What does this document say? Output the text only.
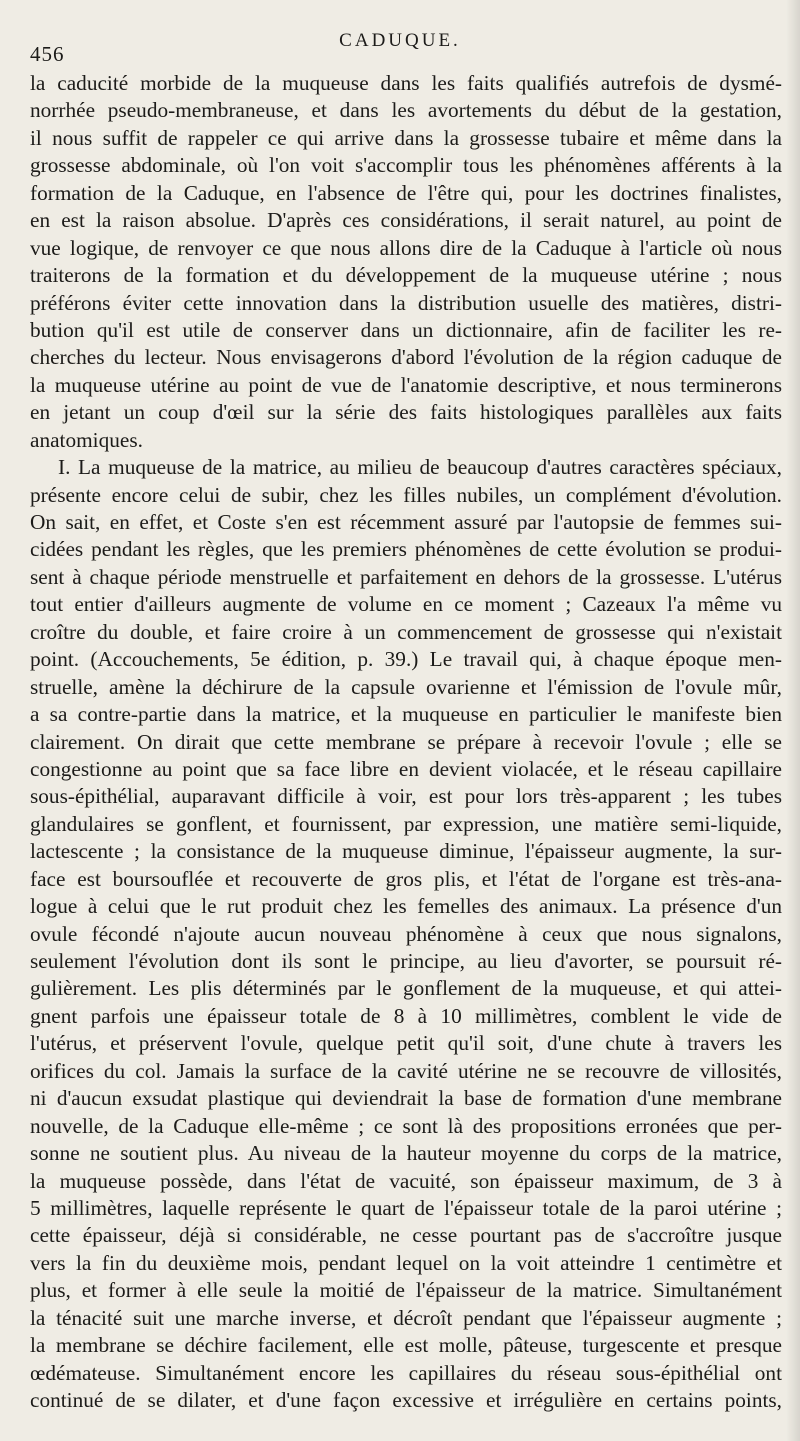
456
CADUQUE.
la caducité morbide de la muqueuse dans les faits qualifiés autrefois de dysmé-
norrhée pseudo-membraneuse, et dans les avortements du début de la gestation,
il nous suffit de rappeler ce qui arrive dans la grossesse tubaire et même dans la
grossesse abdominale, où l'on voit s'accomplir tous les phénomènes afférents à la
formation de la Caduque, en l'absence de l'être qui, pour les doctrines finalistes,
en est la raison absolue. D'après ces considérations, il serait naturel, au point de
vue logique, de renvoyer ce que nous allons dire de la Caduque à l'article où nous
traiterons de la formation et du développement de la muqueuse utérine ; nous
préférons éviter cette innovation dans la distribution usuelle des matières, distri-
bution qu'il est utile de conserver dans un dictionnaire, afin de faciliter les re-
cherches du lecteur. Nous envisagerons d'abord l'évolution de la région caduque de
la muqueuse utérine au point de vue de l'anatomie descriptive, et nous terminerons
en jetant un coup d'œil sur la série des faits histologiques parallèles aux faits
anatomiques.
I. La muqueuse de la matrice, au milieu de beaucoup d'autres caractères spéciaux,
présente encore celui de subir, chez les filles nubiles, un complément d'évolution.
On sait, en effet, et Coste s'en est récemment assuré par l'autopsie de femmes sui-
cidées pendant les règles, que les premiers phénomènes de cette évolution se produi-
sent à chaque période menstruelle et parfaitement en dehors de la grossesse. L'utérus
tout entier d'ailleurs augmente de volume en ce moment ; Cazeaux l'a même vu
croître du double, et faire croire à un commencement de grossesse qui n'existait
point. (Accouchements, 5e édition, p. 39.) Le travail qui, à chaque époque men-
struelle, amène la déchirure de la capsule ovarienne et l'émission de l'ovule mûr,
a sa contre-partie dans la matrice, et la muqueuse en particulier le manifeste bien
clairement. On dirait que cette membrane se prépare à recevoir l'ovule ; elle se
congestionne au point que sa face libre en devient violacée, et le réseau capillaire
sous-épithélial, auparavant difficile à voir, est pour lors très-apparent ; les tubes
glandulaires se gonflent, et fournissent, par expression, une matière semi-liquide,
lactescente ; la consistance de la muqueuse diminue, l'épaisseur augmente, la sur-
face est boursouflée et recouverte de gros plis, et l'état de l'organe est très-ana-
logue à celui que le rut produit chez les femelles des animaux. La présence d'un
ovule fécondé n'ajoute aucun nouveau phénomène à ceux que nous signalons,
seulement l'évolution dont ils sont le principe, au lieu d'avorter, se poursuit ré-
gulièrement. Les plis déterminés par le gonflement de la muqueuse, et qui attei-
gnent parfois une épaisseur totale de 8 à 10 millimètres, comblent le vide de
l'utérus, et préservent l'ovule, quelque petit qu'il soit, d'une chute à travers les
orifices du col. Jamais la surface de la cavité utérine ne se recouvre de villosités,
ni d'aucun exsudat plastique qui deviendrait la base de formation d'une membrane
nouvelle, de la Caduque elle-même ; ce sont là des propositions erronées que per-
sonne ne soutient plus. Au niveau de la hauteur moyenne du corps de la matrice,
la muqueuse possède, dans l'état de vacuité, son épaisseur maximum, de 3 à
5 millimètres, laquelle représente le quart de l'épaisseur totale de la paroi utérine ;
cette épaisseur, déjà si considérable, ne cesse pourtant pas de s'accroître jusque
vers la fin du deuxième mois, pendant lequel on la voit atteindre 1 centimètre et
plus, et former à elle seule la moitié de l'épaisseur de la matrice. Simultanément
la ténacité suit une marche inverse, et décroît pendant que l'épaisseur augmente ;
la membrane se déchire facilement, elle est molle, pâteuse, turgescente et presque
œdémateuse. Simultanément encore les capillaires du réseau sous-épithélial ont
continué de se dilater, et d'une façon excessive et irrégulière en certains points,
